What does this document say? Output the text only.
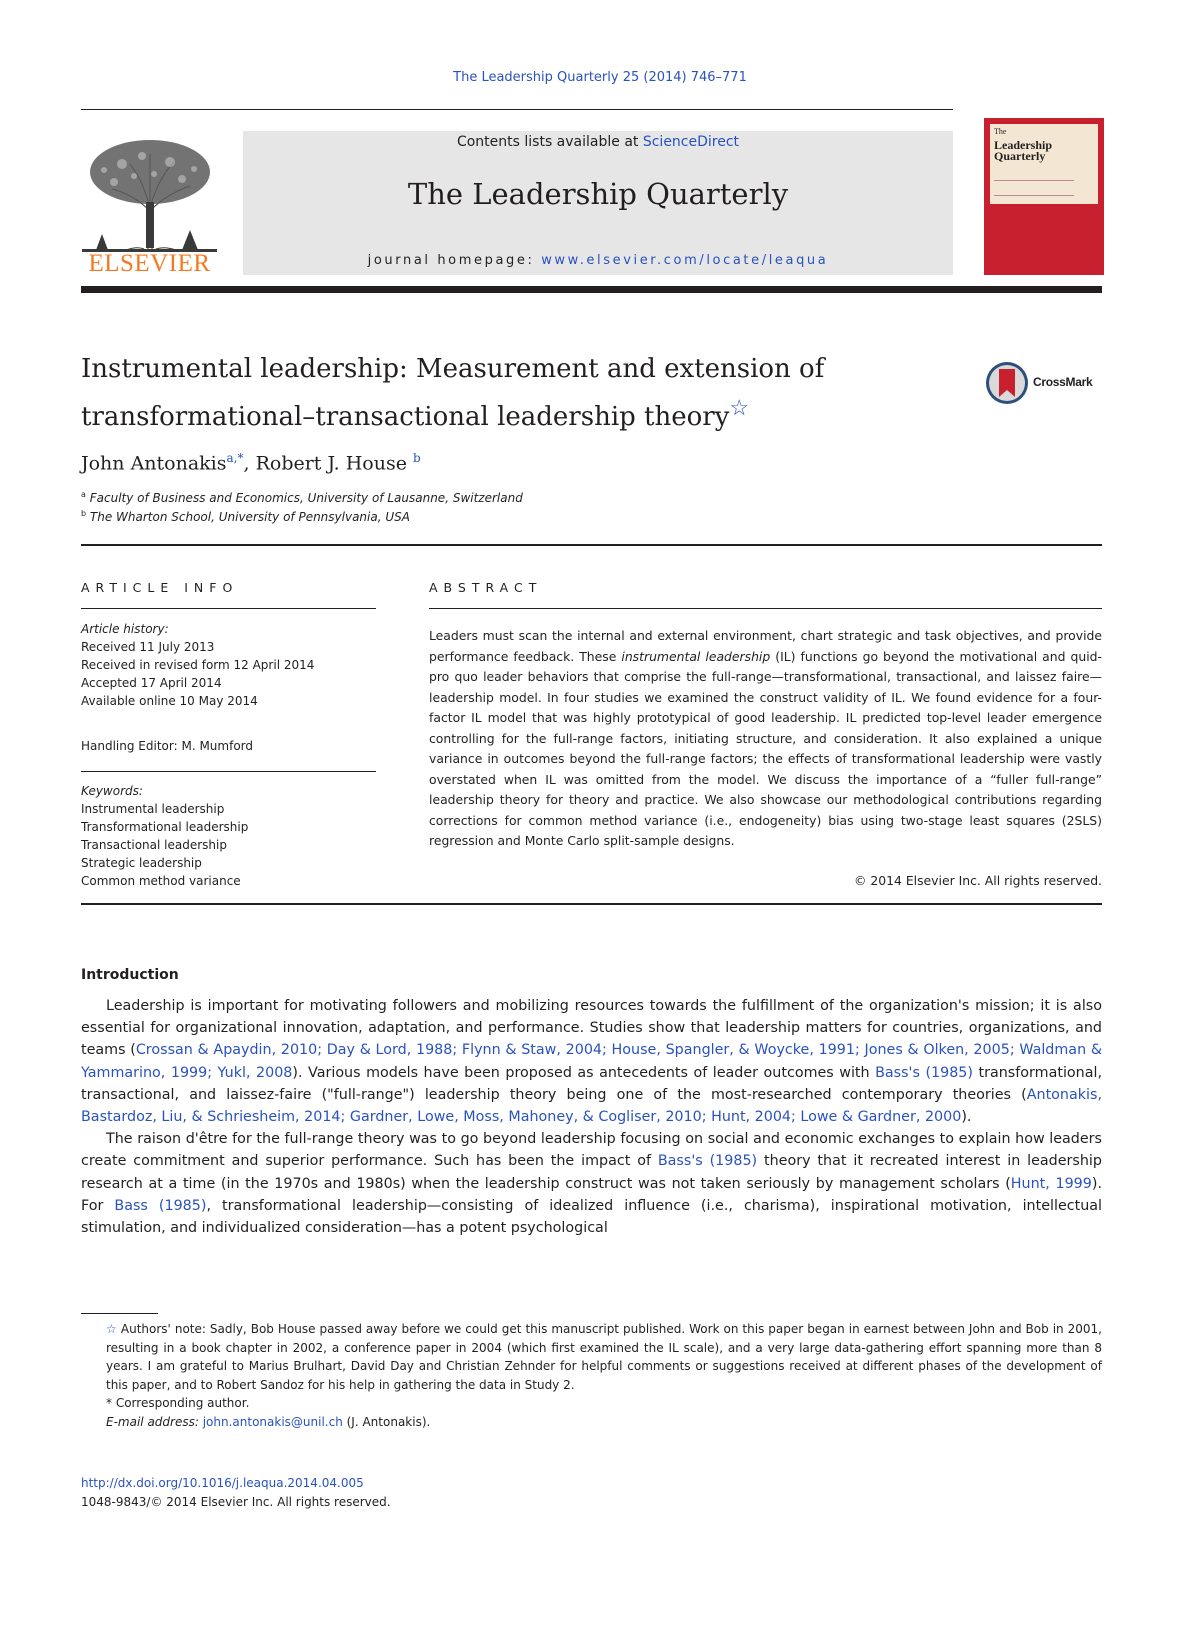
The Leadership Quarterly 25 (2014) 746–771
ELSEVIER
Contents lists available at ScienceDirect
The Leadership Quarterly
journal homepage: www.elsevier.com/locate/leaqua
The
Leadership
Quarterly
Instrumental leadership: Measurement and extension of transformational–transactional leadership theory☆
CrossMark
John Antonakis$^{a,*}$, Robert J. House $^b$
$^a$ Faculty of Business and Economics, University of Lausanne, Switzerland
$^b$ The Wharton School, University of Pennsylvania, USA
ARTICLE INFO
Article history:
Received 11 July 2013
Received in revised form 12 April 2014
Accepted 17 April 2014
Available online 10 May 2014
Handling Editor: M. Mumford
Keywords:
Instrumental leadership
Transformational leadership
Transactional leadership
Strategic leadership
Common method variance
ABSTRACT
Leaders must scan the internal and external environment, chart strategic and task objectives, and provide performance feedback. These instrumental leadership (IL) functions go beyond the motivational and quid-pro quo leader behaviors that comprise the full-range—transformational, transactional, and laissez faire—leadership model. In four studies we examined the construct validity of IL. We found evidence for a four-factor IL model that was highly prototypical of good leadership. IL predicted top-level leader emergence controlling for the full-range factors, initiating structure, and consideration. It also explained a unique variance in outcomes beyond the full-range factors; the effects of transformational leadership were vastly overstated when IL was omitted from the model. We discuss the importance of a “fuller full-range” leadership theory for theory and practice. We also showcase our methodological contributions regarding corrections for common method variance (i.e., endogeneity) bias using two-stage least squares (2SLS) regression and Monte Carlo split-sample designs.
© 2014 Elsevier Inc. All rights reserved.
Introduction

Leadership is important for motivating followers and mobilizing resources towards the fulfillment of the organization's mission; it is also essential for organizational innovation, adaptation, and performance. Studies show that leadership matters for countries, organizations, and teams (Crossan & Apaydin, 2010; Day & Lord, 1988; Flynn & Staw, 2004; House, Spangler, & Woycke, 1991; Jones & Olken, 2005; Waldman & Yammarino, 1999; Yukl, 2008). Various models have been proposed as antecedents of leader outcomes with Bass's (1985) transformational, transactional, and laissez-faire ("full-range") leadership theory being one of the most-researched contemporary theories (Antonakis, Bastardoz, Liu, & Schriesheim, 2014; Gardner, Lowe, Moss, Mahoney, & Cogliser, 2010; Hunt, 2004; Lowe & Gardner, 2000).

The raison d'être for the full-range theory was to go beyond leadership focusing on social and economic exchanges to explain how leaders create commitment and superior performance. Such has been the impact of Bass's (1985) theory that it recreated interest in leadership research at a time (in the 1970s and 1980s) when the leadership construct was not taken seriously by management scholars (Hunt, 1999). For Bass (1985), transformational leadership—consisting of idealized influence (i.e., charisma), inspirational motivation, intellectual stimulation, and individualized consideration—has a potent psychological

☆ Authors' note: Sadly, Bob House passed away before we could get this manuscript published. Work on this paper began in earnest between John and Bob in 2001, resulting in a book chapter in 2002, a conference paper in 2004 (which first examined the IL scale), and a very large data-gathering effort spanning more than 8 years. I am grateful to Marius Brulhart, David Day and Christian Zehnder for helpful comments or suggestions received at different phases of the development of this paper, and to Robert Sandoz for his help in gathering the data in Study 2.

* Corresponding author.

E-mail address: john.antonakis@unil.ch (J. Antonakis).

http://dx.doi.org/10.1016/j.leaqua.2014.04.005
1048-9843/© 2014 Elsevier Inc. All rights reserved.
